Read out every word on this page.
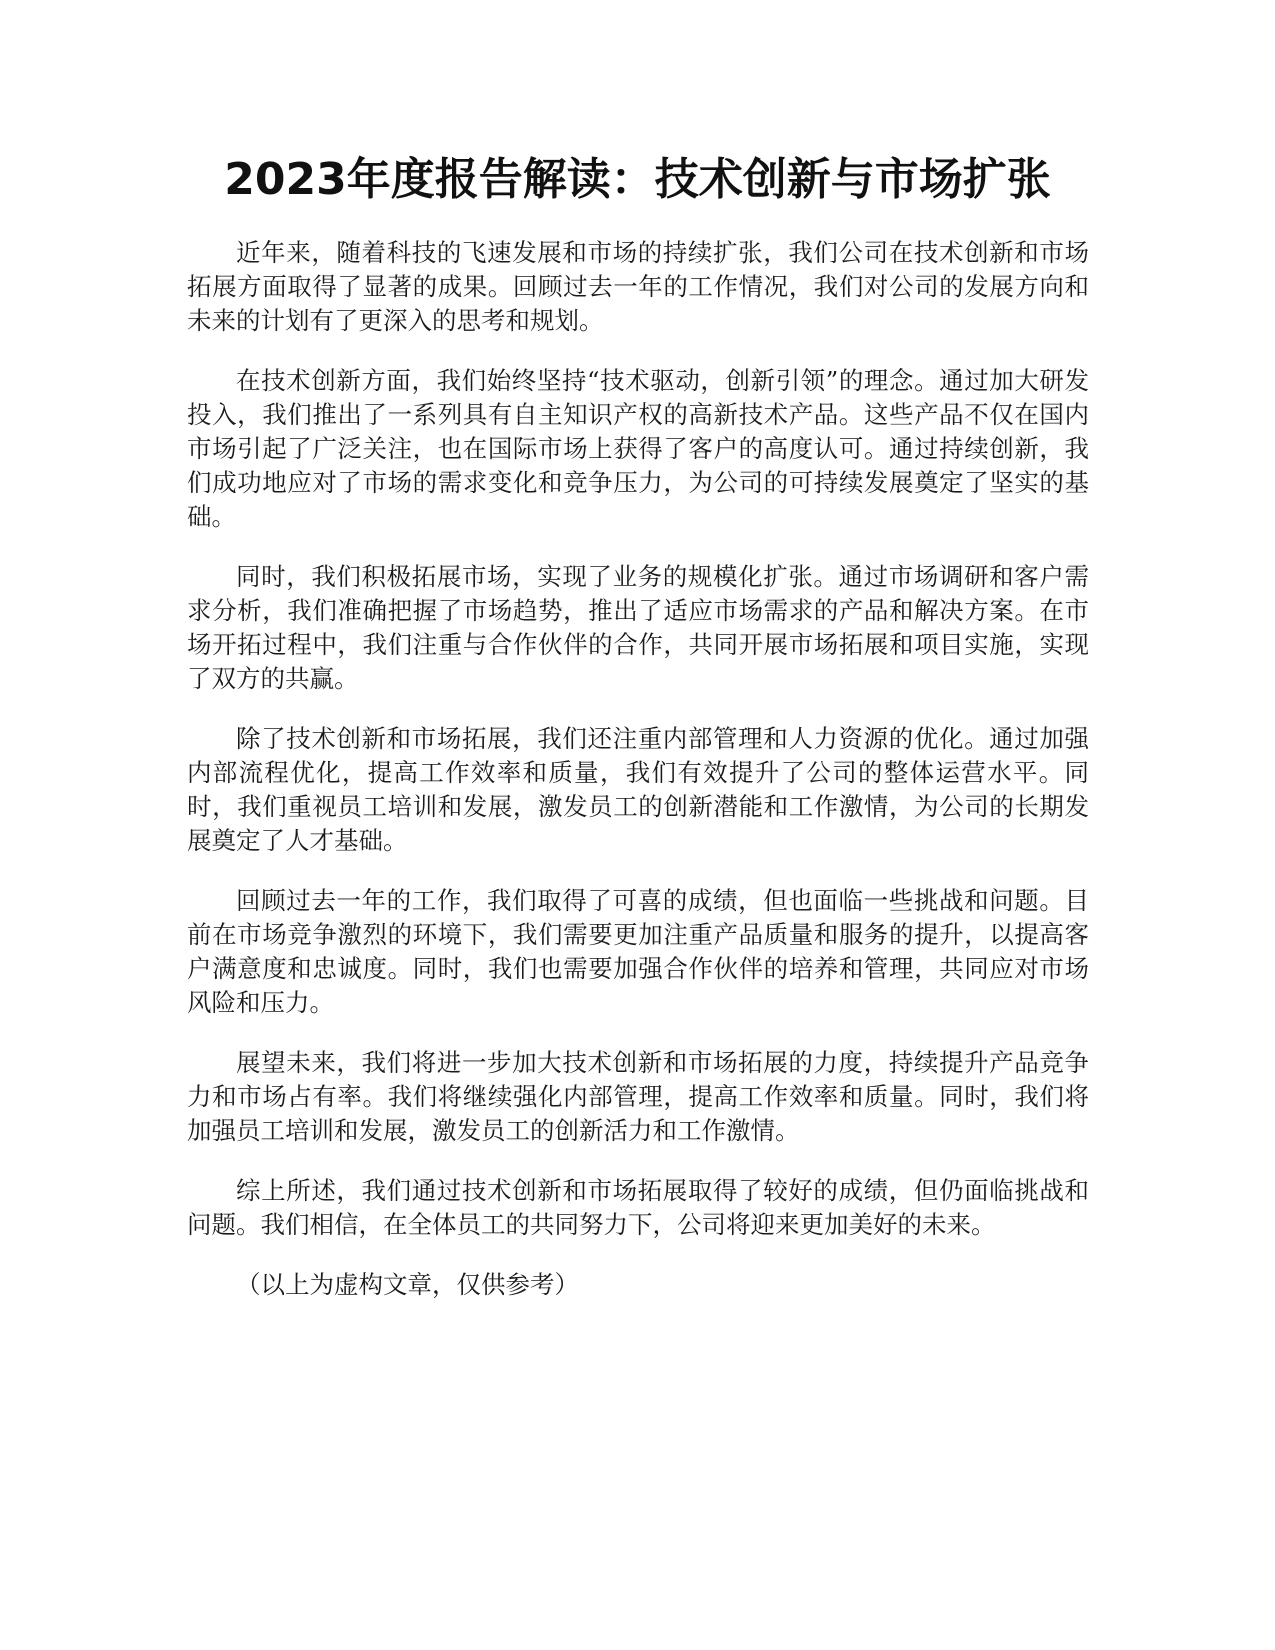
2023年度报告解读：技术创新与市场扩张

近年来，随着科技的飞速发展和市场的持续扩张，我们公司在技术创新和市场拓展方面取得了显著的成果。回顾过去一年的工作情况，我们对公司的发展方向和未来的计划有了更深入的思考和规划。

在技术创新方面，我们始终坚持“技术驱动，创新引领”的理念。通过加大研发投入，我们推出了一系列具有自主知识产权的高新技术产品。这些产品不仅在国内市场引起了广泛关注，也在国际市场上获得了客户的高度认可。通过持续创新，我们成功地应对了市场的需求变化和竞争压力，为公司的可持续发展奠定了坚实的基础。

同时，我们积极拓展市场，实现了业务的规模化扩张。通过市场调研和客户需求分析，我们准确把握了市场趋势，推出了适应市场需求的产品和解决方案。在市场开拓过程中，我们注重与合作伙伴的合作，共同开展市场拓展和项目实施，实现了双方的共赢。

除了技术创新和市场拓展，我们还注重内部管理和人力资源的优化。通过加强内部流程优化，提高工作效率和质量，我们有效提升了公司的整体运营水平。同时，我们重视员工培训和发展，激发员工的创新潜能和工作激情，为公司的长期发展奠定了人才基础。

回顾过去一年的工作，我们取得了可喜的成绩，但也面临一些挑战和问题。目前在市场竞争激烈的环境下，我们需要更加注重产品质量和服务的提升，以提高客户满意度和忠诚度。同时，我们也需要加强合作伙伴的培养和管理，共同应对市场风险和压力。

展望未来，我们将进一步加大技术创新和市场拓展的力度，持续提升产品竞争力和市场占有率。我们将继续强化内部管理，提高工作效率和质量。同时，我们将加强员工培训和发展，激发员工的创新活力和工作激情。

综上所述，我们通过技术创新和市场拓展取得了较好的成绩，但仍面临挑战和问题。我们相信，在全体员工的共同努力下，公司将迎来更加美好的未来。

（以上为虚构文章，仅供参考）
